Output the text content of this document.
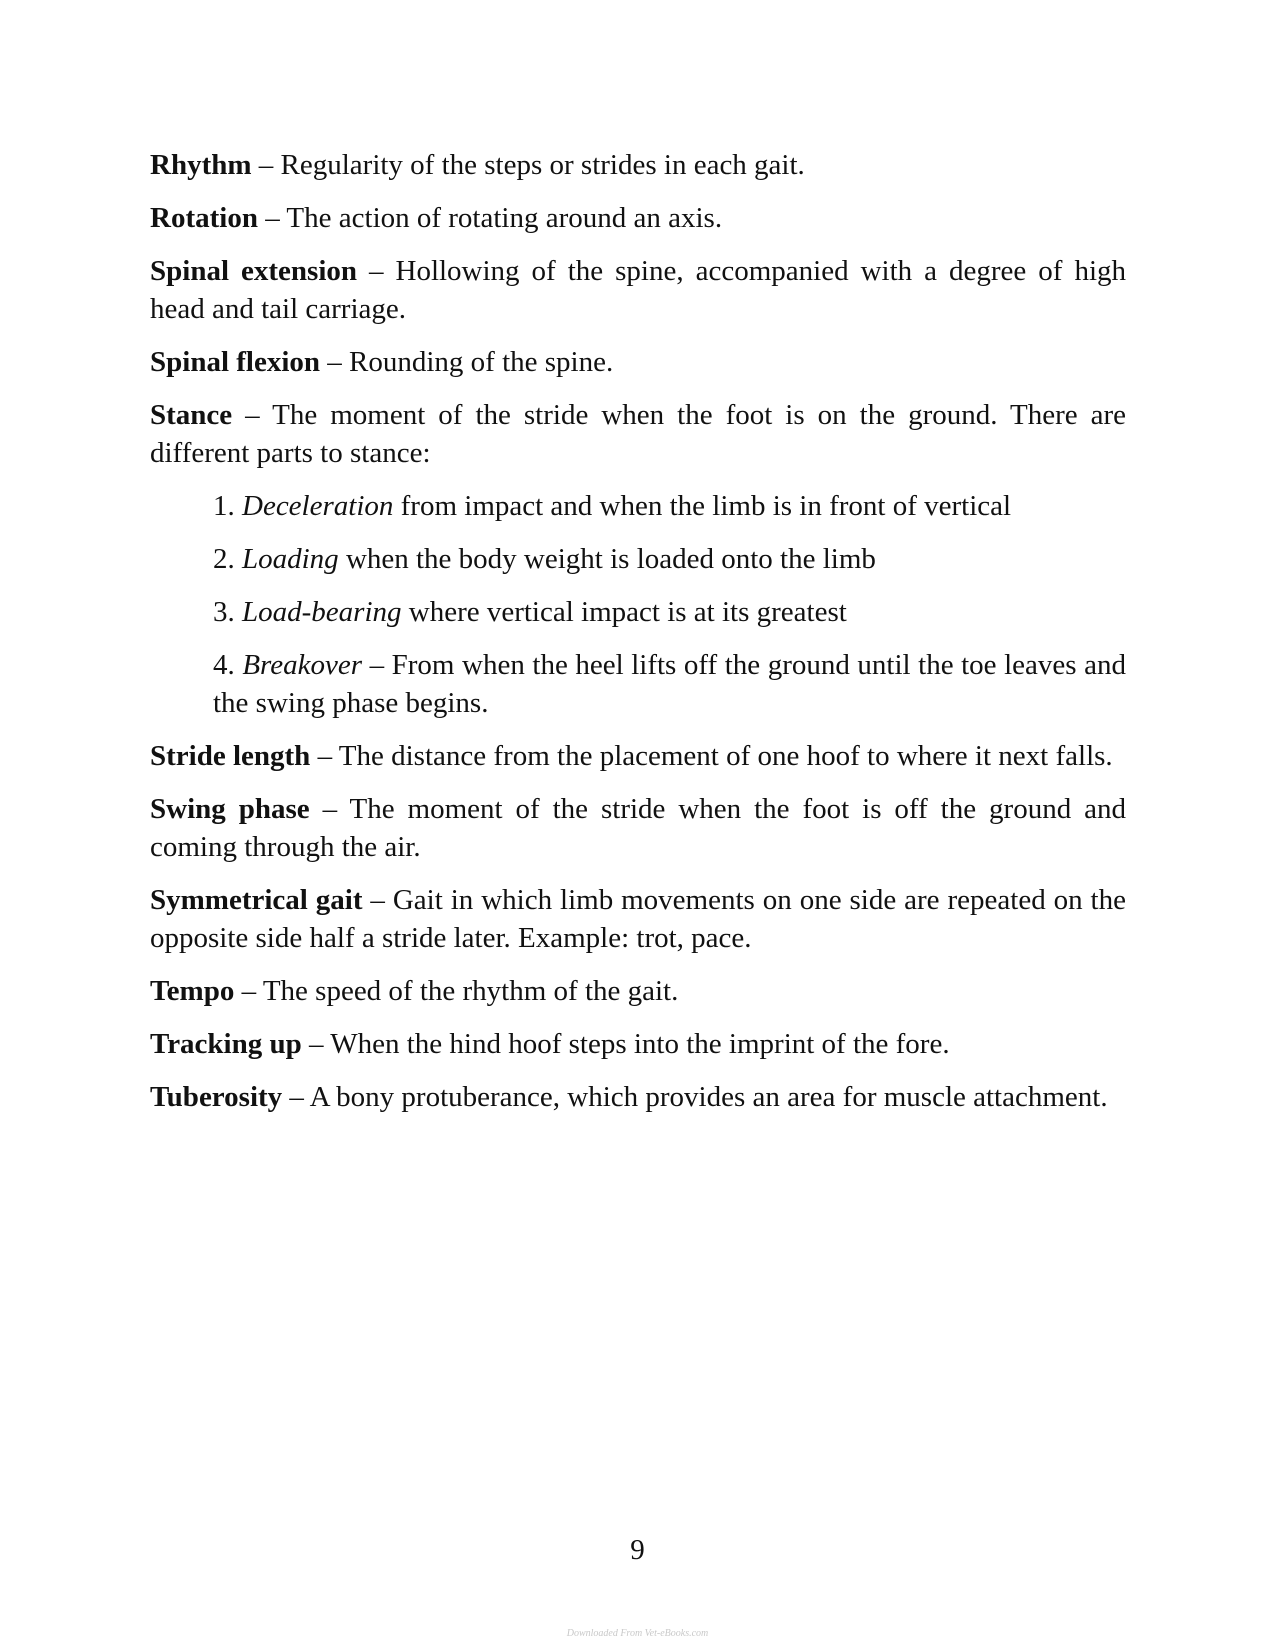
Rhythm – Regularity of the steps or strides in each gait.

Rotation – The action of rotating around an axis.

Spinal extension – Hollowing of the spine, accompanied with a degree of high head and tail carriage.

Spinal flexion – Rounding of the spine.

Stance – The moment of the stride when the foot is on the ground. There are different parts to stance:

1. Deceleration from impact and when the limb is in front of vertical

2. Loading when the body weight is loaded onto the limb

3. Load-bearing where vertical impact is at its greatest

4. Breakover – From when the heel lifts off the ground until the toe leaves and the swing phase begins.

Stride length – The distance from the placement of one hoof to where it next falls.

Swing phase – The moment of the stride when the foot is off the ground and coming through the air.

Symmetrical gait – Gait in which limb movements on one side are repeated on the opposite side half a stride later. Example: trot, pace.

Tempo – The speed of the rhythm of the gait.

Tracking up – When the hind hoof steps into the imprint of the fore.

Tuberosity – A bony protuberance, which provides an area for muscle attachment.

9
Downloaded From Vet-eBooks.com
